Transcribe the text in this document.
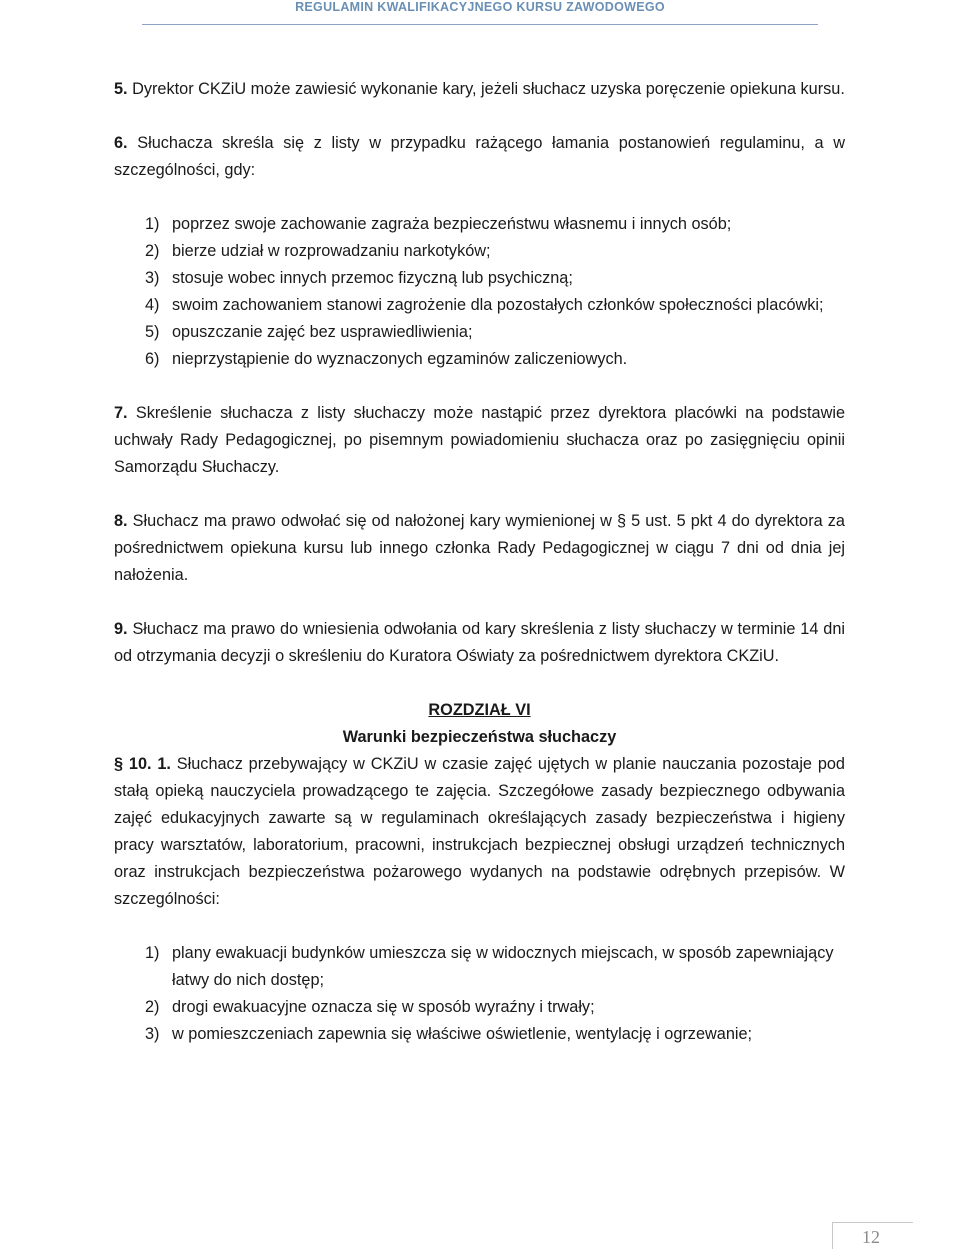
REGULAMIN KWALIFIKACYJNEGO KURSU ZAWODOWEGO

5. Dyrektor CKZiU może zawiesić wykonanie kary, jeżeli słuchacz uzyska poręczenie opiekuna kursu.

6. Słuchacza skreśla się z listy w przypadku rażącego łamania postanowień regulaminu, a w szczególności, gdy:

1) poprzez swoje zachowanie zagraża bezpieczeństwu własnemu i innych osób;
2) bierze udział w rozprowadzaniu narkotyków;
3) stosuje wobec innych przemoc fizyczną lub psychiczną;
4) swoim zachowaniem stanowi zagrożenie dla pozostałych członków społeczności placówki;
5) opuszczanie zajęć bez usprawiedliwienia;
6) nieprzystąpienie do wyznaczonych egzaminów zaliczeniowych.

7. Skreślenie słuchacza z listy słuchaczy może nastąpić przez dyrektora placówki na podstawie uchwały Rady Pedagogicznej, po pisemnym powiadomieniu słuchacza oraz po zasięgnięciu opinii Samorządu Słuchaczy.

8. Słuchacz ma prawo odwołać się od nałożonej kary wymienionej w § 5 ust. 5 pkt 4 do dyrektora za pośrednictwem opiekuna kursu lub innego członka Rady Pedagogicznej w ciągu 7 dni od dnia jej nałożenia.

9. Słuchacz ma prawo do wniesienia odwołania od kary skreślenia z listy słuchaczy w terminie 14 dni od otrzymania decyzji o skreśleniu do Kuratora Oświaty za pośrednictwem dyrektora CKZiU.

ROZDZIAŁ VI
Warunki bezpieczeństwa słuchaczy

§ 10. 1. Słuchacz przebywający w CKZiU w czasie zajęć ujętych w planie nauczania pozostaje pod stałą opieką nauczyciela prowadzącego te zajęcia. Szczegółowe zasady bezpiecznego odbywania zajęć edukacyjnych zawarte są w regulaminach określających zasady bezpieczeństwa i higieny pracy warsztatów, laboratorium, pracowni, instrukcjach bezpiecznej obsługi urządzeń technicznych oraz instrukcjach bezpieczeństwa pożarowego wydanych na podstawie odrębnych przepisów. W szczególności:

1) plany ewakuacji budynków umieszcza się w widocznych miejscach, w sposób zapewniający łatwy do nich dostęp;
2) drogi ewakuacyjne oznacza się w sposób wyraźny i trwały;
3) w pomieszczeniach zapewnia się właściwe oświetlenie, wentylację i ogrzewanie;
12
